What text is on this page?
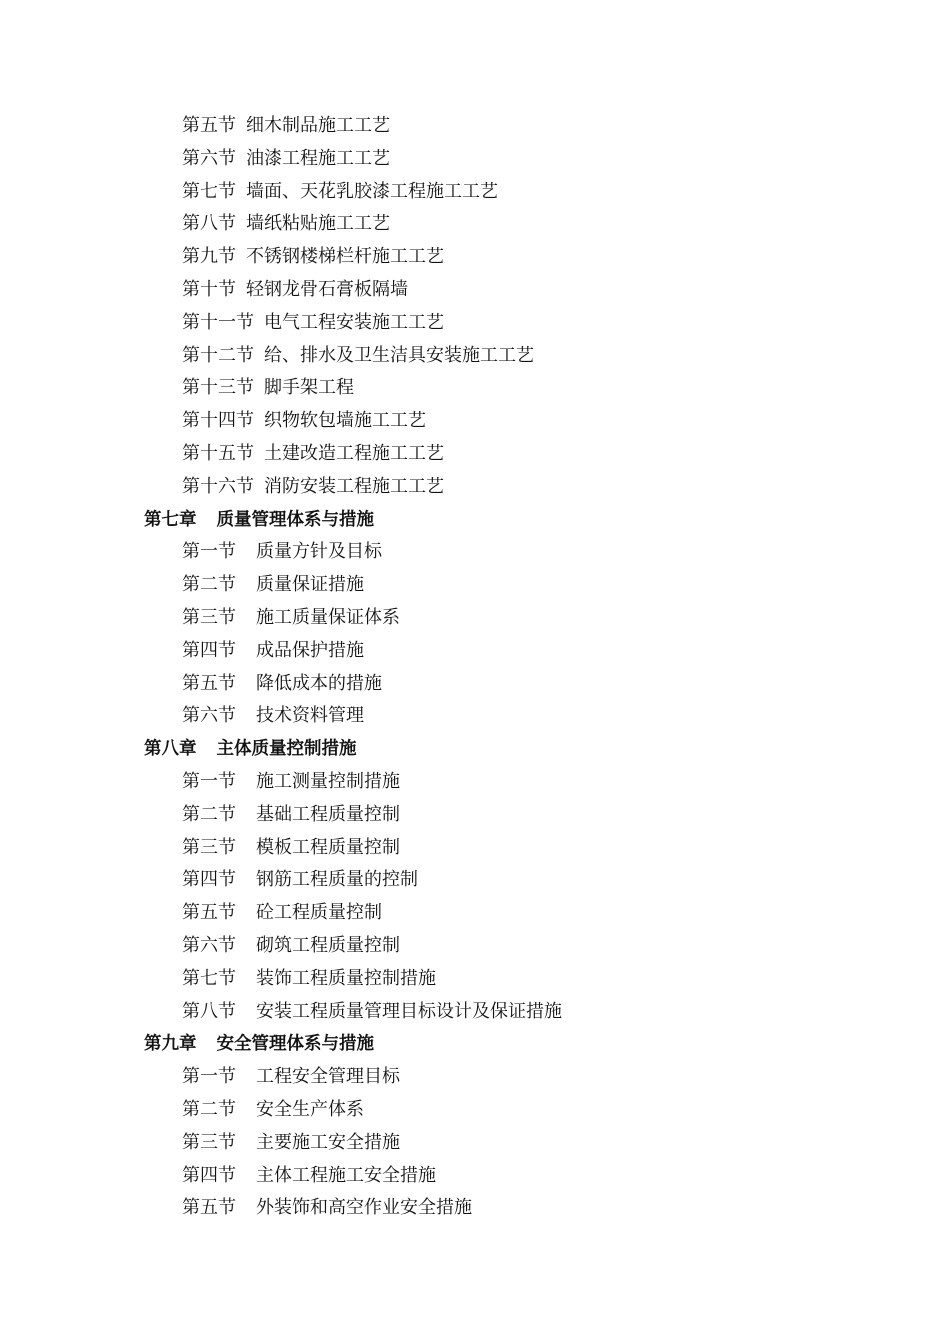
第五节 细木制品施工工艺
第六节 油漆工程施工工艺
第七节 墙面、天花乳胶漆工程施工工艺
第八节 墙纸粘贴施工工艺
第九节 不锈钢楼梯栏杆施工工艺
第十节 轻钢龙骨石膏板隔墙
第十一节 电气工程安装施工工艺
第十二节 给、排水及卫生洁具安装施工工艺
第十三节 脚手架工程
第十四节 织物软包墙施工工艺
第十五节 土建改造工程施工工艺
第十六节 消防安装工程施工工艺
第七章 质量管理体系与措施
第一节 质量方针及目标
第二节 质量保证措施
第三节 施工质量保证体系
第四节 成品保护措施
第五节 降低成本的措施
第六节 技术资料管理
第八章 主体质量控制措施
第一节 施工测量控制措施
第二节 基础工程质量控制
第三节 模板工程质量控制
第四节 钢筋工程质量的控制
第五节 砼工程质量控制
第六节 砌筑工程质量控制
第七节 装饰工程质量控制措施
第八节 安装工程质量管理目标设计及保证措施
第九章 安全管理体系与措施
第一节 工程安全管理目标
第二节 安全生产体系
第三节 主要施工安全措施
第四节 主体工程施工安全措施
第五节 外装饰和高空作业安全措施
